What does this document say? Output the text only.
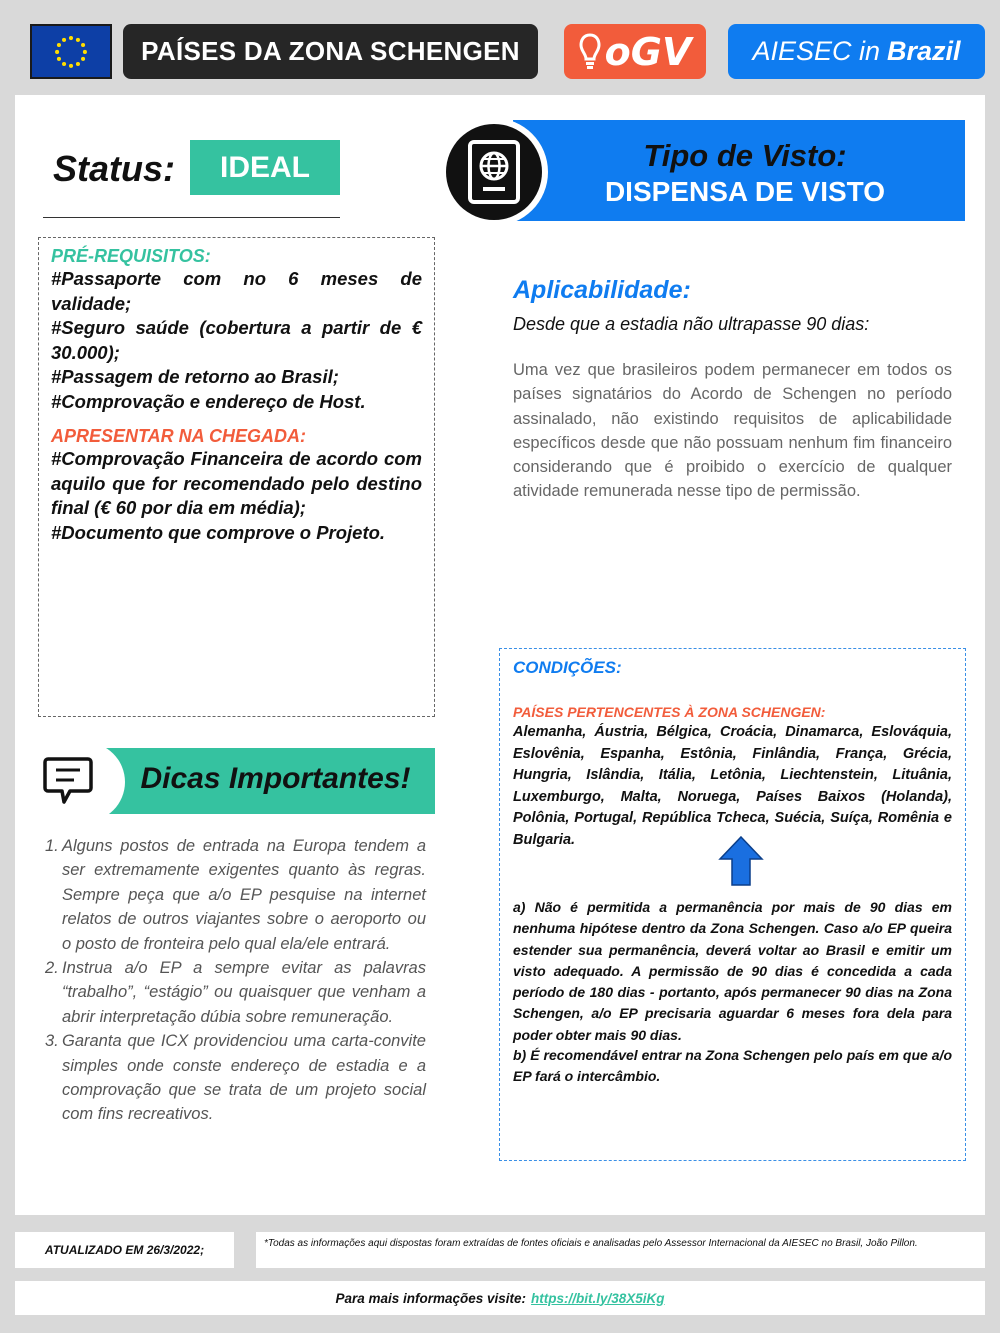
PAÍSES DA ZONA SCHENGEN	oGV AIESEC in Brazil
Status:	IDEAL	Tipo de Visto:
DISPENSA DE VISTO
PRÉ-REQUISITOS:

#Passaporte com no 6 meses de validade;

#Seguro saúde (cobertura a partir de € 30.000);

#Passagem de retorno ao Brasil;

#Comprovação e endereço de Host.

APRESENTAR NA CHEGADA:

#Comprovação Financeira de acordo com aquilo que for recomendado pelo destino final (€ 60 por dia em média);

#Documento que comprove o Projeto.

Aplicabilidade:
Desde que a estadia não ultrapasse 90 dias:
Uma vez que brasileiros podem permanecer em todos os países signatários do Acordo de Schengen no período assinalado, não existindo requisitos de aplicabilidade específicos desde que não possuam nenhum fim financeiro considerando que é proibido o exercício de qualquer atividade remunerada nesse tipo de permissão.
CONDIÇÕES:
PAÍSES PERTENCENTES À ZONA SCHENGEN:
Alemanha, Áustria, Bélgica, Croácia, Dinamarca, Eslováquia, Eslovênia, Espanha, Estônia, Finlândia, França, Grécia, Hungria, Islândia, Itália, Letônia, Liechtenstein, Lituânia, Luxemburgo, Malta, Noruega, Países Baixos (Holanda), Polônia, Portugal, República Tcheca, Suécia, Suíça, Romênia e Bulgaria.
a) Não é permitida a permanência por mais de 90 dias em nenhuma hipótese dentro da Zona Schengen. Caso a/o EP queira estender sua permanência, deverá voltar ao Brasil e emitir um visto adequado. A permissão de 90 dias é concedida a cada período de 180 dias - portanto, após permanecer 90 dias na Zona Schengen, a/o EP precisaria aguardar 6 meses fora dela para poder obter mais 90 dias.
b) É recomendável entrar na Zona Schengen pelo país em que a/o EP fará o intercâmbio.
Dicas Importantes!
1. Alguns postos de entrada na Europa tendem a ser extremamente exigentes quanto às regras. Sempre peça que a/o EP pesquise na internet relatos de outros viajantes sobre o aeroporto ou o posto de fronteira pelo qual ela/ele entrará.
2. Instrua a/o EP a sempre evitar as palavras “trabalho”, “estágio” ou quaisquer que venham a abrir interpretação dúbia sobre remuneração.
3. Garanta que ICX providenciou uma carta-convite simples onde conste endereço de estadia e a comprovação que se trata de um projeto social com fins recreativos.
ATUALIZADO EM 26/3/2022;	*Todas as informações aqui dispostas foram extraídas de fontes oficiais e analisadas pelo Assessor Internacional da AIESEC no Brasil, João Pillon.
Para mais informações visite: https://bit.ly/38X5iKg
